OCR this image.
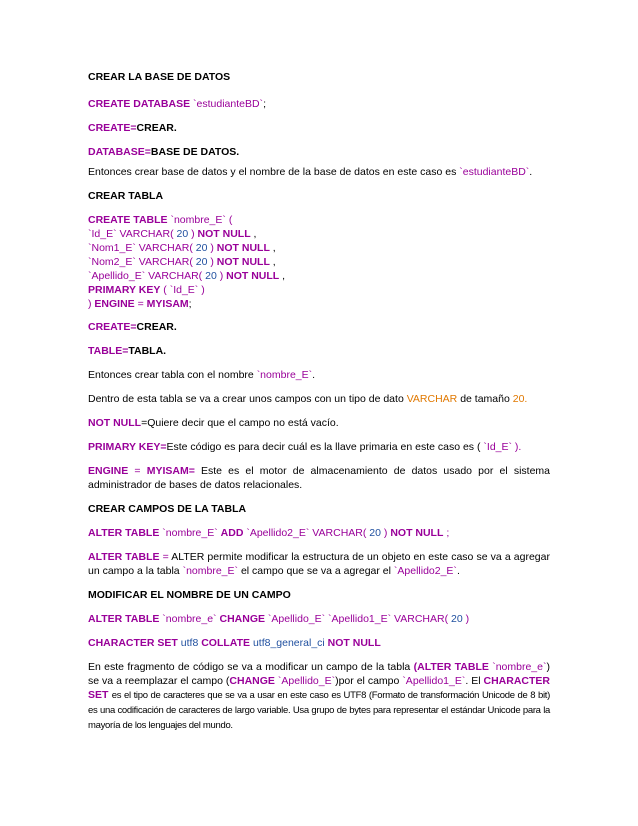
CREAR LA BASE DE DATOS
CREATE DATABASE `estudianteBD`;
CREATE=CREAR.
DATABASE=BASE DE DATOS.
Entonces crear base de datos y el nombre de la base de datos en este caso es `estudianteBD`.
CREAR TABLA
CREATE TABLE `nombre_E` (
`Id_E` VARCHAR( 20 ) NOT NULL ,
`Nom1_E` VARCHAR( 20 ) NOT NULL ,
`Nom2_E` VARCHAR( 20 ) NOT NULL ,
`Apellido_E` VARCHAR( 20 ) NOT NULL ,
PRIMARY KEY ( `Id_E` )
) ENGINE = MYISAM;
CREATE=CREAR.
TABLE=TABLA.
Entonces crear tabla con el nombre `nombre_E`.
Dentro de esta tabla se va a crear unos campos con un tipo de dato VARCHAR de tamaño 20.
NOT NULL=Quiere decir que el campo no está vacío.
PRIMARY KEY=Este código es para decir cuál es la llave primaria en este caso es ( `Id_E` ).
ENGINE = MYISAM= Este es el motor de almacenamiento de datos usado por el sistema administrador de bases de datos relacionales.
CREAR CAMPOS DE LA TABLA
ALTER TABLE `nombre_E` ADD `Apellido2_E` VARCHAR( 20 ) NOT NULL ;
ALTER TABLE = ALTER permite modificar la estructura de un objeto en este caso se va a agregar un campo a la tabla `nombre_E` el campo que se va a agregar el `Apellido2_E`.
MODIFICAR EL NOMBRE DE UN CAMPO
ALTER TABLE `nombre_e` CHANGE `Apellido_E` `Apellido1_E` VARCHAR( 20 )
CHARACTER SET utf8 COLLATE utf8_general_ci NOT NULL
En este fragmento de código se va a modificar un campo de la tabla (ALTER TABLE `nombre_e`) se va a reemplazar el campo (CHANGE `Apellido_E`)por el campo `Apellido1_E`. El CHARACTER SET es el tipo de caracteres que se va a usar en este caso es UTF8 (Formato de transformación Unicode de 8 bit) es una codificación de caracteres de largo variable. Usa grupo de bytes para representar el estándar Unicode para la mayoría de los lenguajes del mundo.
